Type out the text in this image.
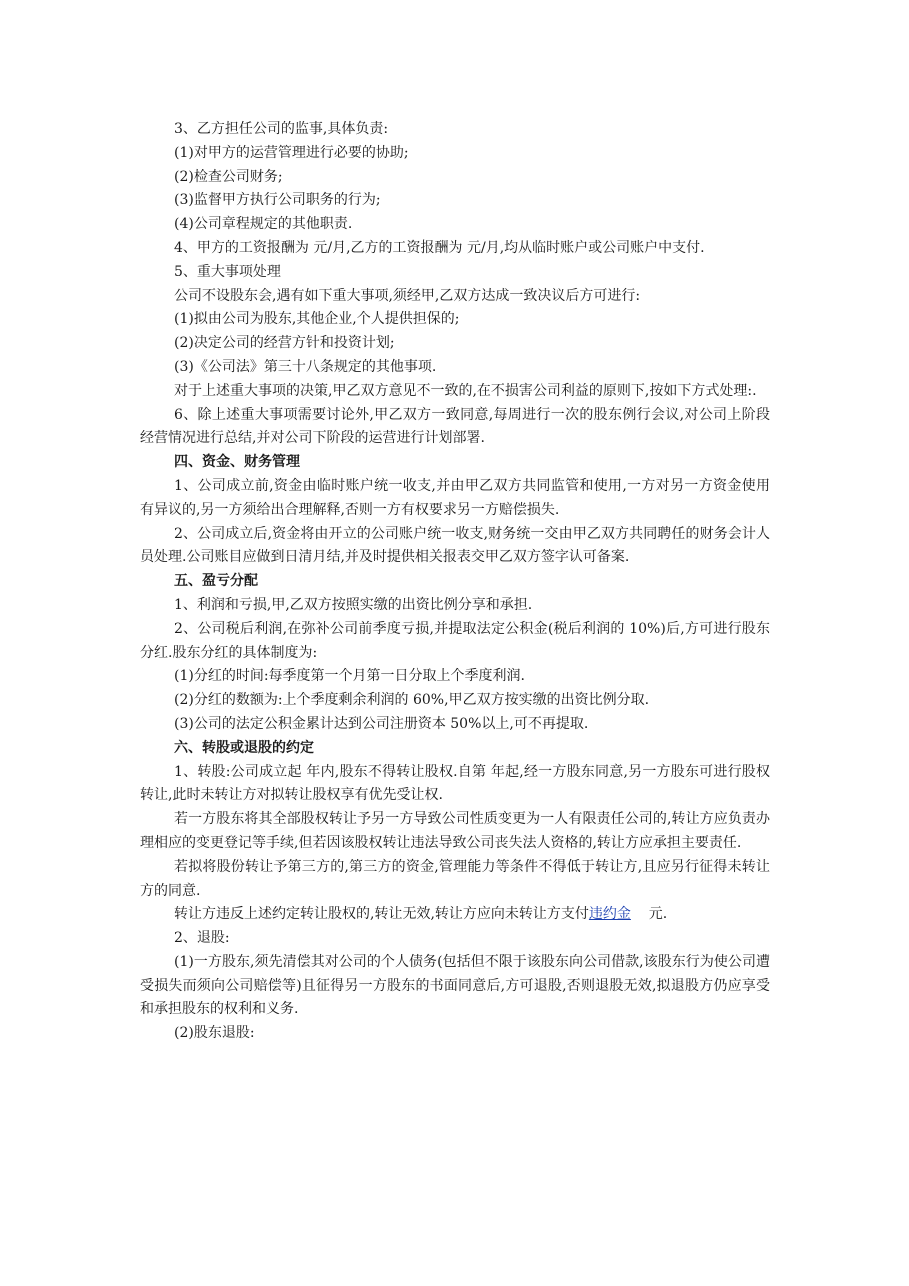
3、乙方担任公司的监事,具体负责:

(1)对甲方的运营管理进行必要的协助;

(2)检查公司财务;

(3)监督甲方执行公司职务的行为;

(4)公司章程规定的其他职责.

4、甲方的工资报酬为 元/月,乙方的工资报酬为 元/月,均从临时账户或公司账户中支付.

5、重大事项处理

公司不设股东会,遇有如下重大事项,须经甲,乙双方达成一致决议后方可进行:

(1)拟由公司为股东,其他企业,个人提供担保的;

(2)决定公司的经营方针和投资计划;

(3)《公司法》第三十八条规定的其他事项.

对于上述重大事项的决策,甲乙双方意见不一致的,在不损害公司利益的原则下,按如下方式处理:.

6、除上述重大事项需要讨论外,甲乙双方一致同意,每周进行一次的股东例行会议,对公司上阶段经营情况进行总结,并对公司下阶段的运营进行计划部署.

四、资金、财务管理

1、公司成立前,资金由临时账户统一收支,并由甲乙双方共同监管和使用,一方对另一方资金使用有异议的,另一方须给出合理解释,否则一方有权要求另一方赔偿损失.

2、公司成立后,资金将由开立的公司账户统一收支,财务统一交由甲乙双方共同聘任的财务会计人员处理.公司账目应做到日清月结,并及时提供相关报表交甲乙双方签字认可备案.

五、盈亏分配

1、利润和亏损,甲,乙双方按照实缴的出资比例分享和承担.

2、公司税后利润,在弥补公司前季度亏损,并提取法定公积金(税后利润的 10%)后,方可进行股东分红.股东分红的具体制度为:

(1)分红的时间:每季度第一个月第一日分取上个季度利润.

(2)分红的数额为:上个季度剩余利润的 60%,甲乙双方按实缴的出资比例分取.

(3)公司的法定公积金累计达到公司注册资本 50%以上,可不再提取.

六、转股或退股的约定

1、转股:公司成立起 年内,股东不得转让股权.自第 年起,经一方股东同意,另一方股东可进行股权转让,此时未转让方对拟转让股权享有优先受让权.

若一方股东将其全部股权转让予另一方导致公司性质变更为一人有限责任公司的,转让方应负责办理相应的变更登记等手续,但若因该股权转让违法导致公司丧失法人资格的,转让方应承担主要责任.

若拟将股份转让予第三方的,第三方的资金,管理能力等条件不得低于转让方,且应另行征得未转让方的同意.

转让方违反上述约定转让股权的,转让无效,转让方应向未转让方支付违约金    元.

2、退股:

(1)一方股东,须先清偿其对公司的个人债务(包括但不限于该股东向公司借款,该股东行为使公司遭受损失而须向公司赔偿等)且征得另一方股东的书面同意后,方可退股,否则退股无效,拟退股方仍应享受和承担股东的权利和义务.

(2)股东退股:
